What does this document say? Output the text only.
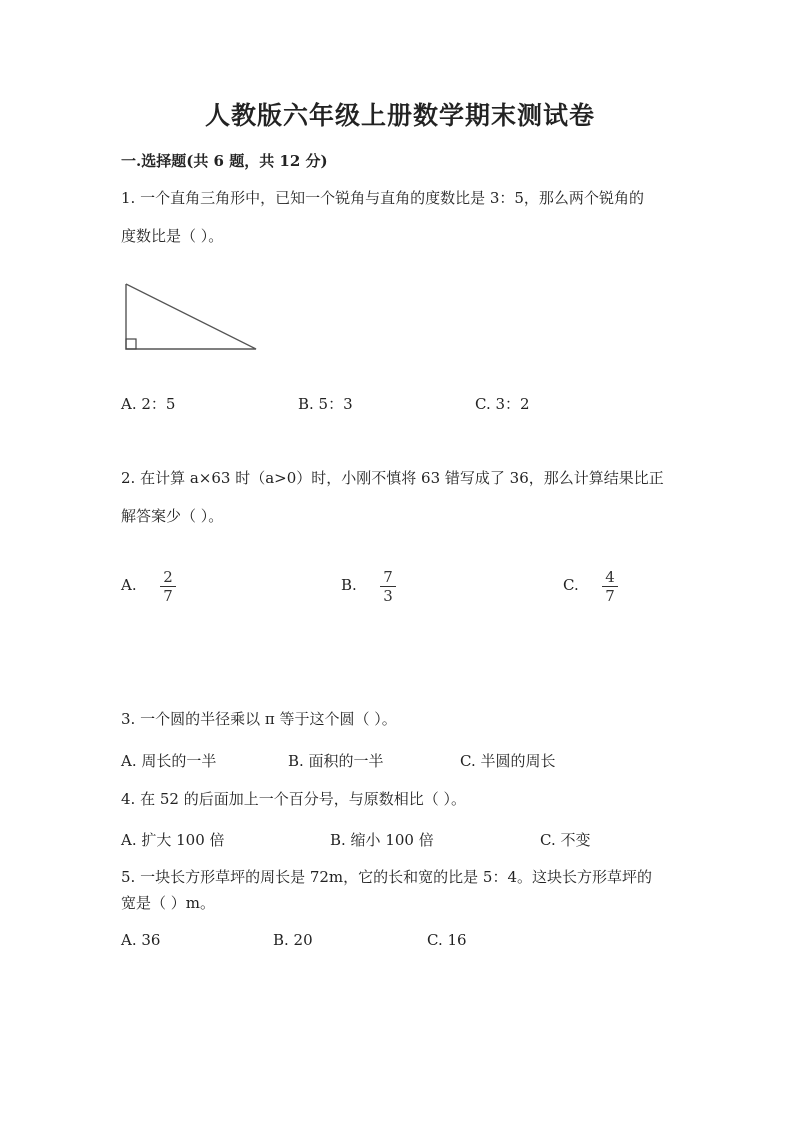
人教版六年级上册数学期末测试卷
一.选择题(共 6 题，共 12 分)
1. 一个直角三角形中，已知一个锐角与直角的度数比是 3：5，那么两个锐角的
度数比是（ ）。
A. 2：5	B. 5：3	C. 3：2
2. 在计算 a×63 时（a>0）时，小刚不慎将 63 错写成了 36，那么计算结果比正
解答案少（ ）。
A.	2
7
B.	7
3
C.	4
7
3. 一个圆的半径乘以 π 等于这个圆（ ）。
A. 周长的一半	B. 面积的一半	C. 半圆的周长
4. 在 52 的后面加上一个百分号，与原数相比（ ）。
A. 扩大 100 倍	B. 缩小 100 倍	C. 不变
5. 一块长方形草坪的周长是 72m，它的长和宽的比是 5：4。这块长方形草坪的
宽是（ ）m。
A. 36	B. 20	C. 16
